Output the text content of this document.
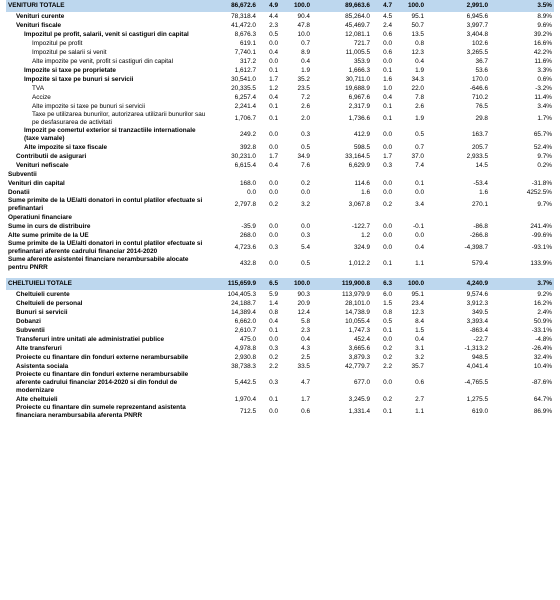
VENITURI TOTALE	86,672.6	4.9	100.0	89,663.6	4.7	100.0	2,991.0	3.5%
Venituri curente	78,318.4	4.4	90.4	85,264.0	4.5	95.1	6,945.6	8.9%
Venituri fiscale	41,472.0	2.3	47.8	45,469.7	2.4	50.7	3,997.7	9.6%
Impozitul pe profit, salarii, venit si castiguri din capital	8,676.3	0.5	10.0	12,081.1	0.6	13.5	3,404.8	39.2%
Impozitul pe profit	619.1	0.0	0.7	721.7	0.0	0.8	102.6	16.6%
Impozitul pe salarii si venit	7,740.1	0.4	8.9	11,005.5	0.6	12.3	3,265.5	42.2%
Alte impozite pe venit, profit si castiguri din capital	317.2	0.0	0.4	353.9	0.0	0.4	36.7	11.6%
Impozite si taxe pe proprietate	1,612.7	0.1	1.9	1,666.3	0.1	1.9	53.6	3.3%
Impozite si taxe pe bunuri si servicii	30,541.0	1.7	35.2	30,711.0	1.6	34.3	170.0	0.6%
TVA	20,335.5	1.2	23.5	19,688.9	1.0	22.0	-646.6	-3.2%
Accize	6,257.4	0.4	7.2	6,967.6	0.4	7.8	710.2	11.4%
Alte impozite si taxe pe bunuri si servicii	2,241.4	0.1	2.6	2,317.9	0.1	2.6	76.5	3.4%
Taxe pe utilizarea bunurilor, autorizarea utilizarii bunurilor sau pe desfasurarea de activitati	1,706.7	0.1	2.0	1,736.6	0.1	1.9	29.8	1.7%
Impozit pe comertul exterior si tranzactiile internationale (taxe vamale)	249.2	0.0	0.3	412.9	0.0	0.5	163.7	65.7%
Alte impozite si taxe fiscale	392.8	0.0	0.5	598.5	0.0	0.7	205.7	52.4%
Contributii de asigurari	30,231.0	1.7	34.9	33,164.5	1.7	37.0	2,933.5	9.7%
Venituri nefiscale	6,615.4	0.4	7.6	6,629.9	0.3	7.4	14.5	0.2%
Subventii								
Venituri din capital	168.0	0.0	0.2	114.6	0.0	0.1	-53.4	-31.8%
Donatii	0.0	0.0	0.0	1.6	0.0	0.0	1.6	4252.5%
Sume primite de la UE/alti donatori in contul platilor efectuate si prefinantari	2,797.8	0.2	3.2	3,067.8	0.2	3.4	270.1	9.7%
Operatiuni financiare								
Sume in curs de distribuire	-35.9	0.0	0.0	-122.7	0.0	-0.1	-86.8	241.4%
Alte sume primite de la UE	268.0	0.0	0.3	1.2	0.0	0.0	-266.8	-99.6%
Sume primite de la UE/alti donatori in contul platilor efectuate si prefinantari aferente cadrului financiar 2014-2020	4,723.6	0.3	5.4	324.9	0.0	0.4	-4,398.7	-93.1%
Sume aferente asistentei financiare nerambursabile alocate pentru PNRR	432.8	0.0	0.5	1,012.2	0.1	1.1	579.4	133.9%

CHELTUIELI TOTALE	115,659.9	6.5	100.0	119,900.8	6.3	100.0	4,240.9	3.7%
Cheltuieli curente	104,405.3	5.9	90.3	113,979.9	6.0	95.1	9,574.6	9.2%
Cheltuieli de personal	24,188.7	1.4	20.9	28,101.0	1.5	23.4	3,912.3	16.2%
Bunuri si servicii	14,389.4	0.8	12.4	14,738.9	0.8	12.3	349.5	2.4%
Dobanzi	6,662.0	0.4	5.8	10,055.4	0.5	8.4	3,393.4	50.9%
Subventii	2,610.7	0.1	2.3	1,747.3	0.1	1.5	-863.4	-33.1%
Transferuri intre unitati ale administratiei publice	475.0	0.0	0.4	452.4	0.0	0.4	-22.7	-4.8%
Alte transferuri	4,978.8	0.3	4.3	3,665.6	0.2	3.1	-1,313.2	-26.4%
Proiecte cu finantare din fonduri externe nerambursabile	2,930.8	0.2	2.5	3,879.3	0.2	3.2	948.5	32.4%
Asistenta sociala	38,738.3	2.2	33.5	42,779.7	2.2	35.7	4,041.4	10.4%
Proiecte cu finantare din fonduri externe nerambursabile aferente cadrului financiar 2014-2020 si din fondul de modernizare	5,442.5	0.3	4.7	677.0	0.0	0.6	-4,765.5	-87.6%
Alte cheltuieli	1,970.4	0.1	1.7	3,245.9	0.2	2.7	1,275.5	64.7%
Proiecte cu finantare din sumele reprezentand asistenta financiara nerambursabila aferenta PNRR	712.5	0.0	0.6	1,331.4	0.1	1.1	619.0	86.9%
